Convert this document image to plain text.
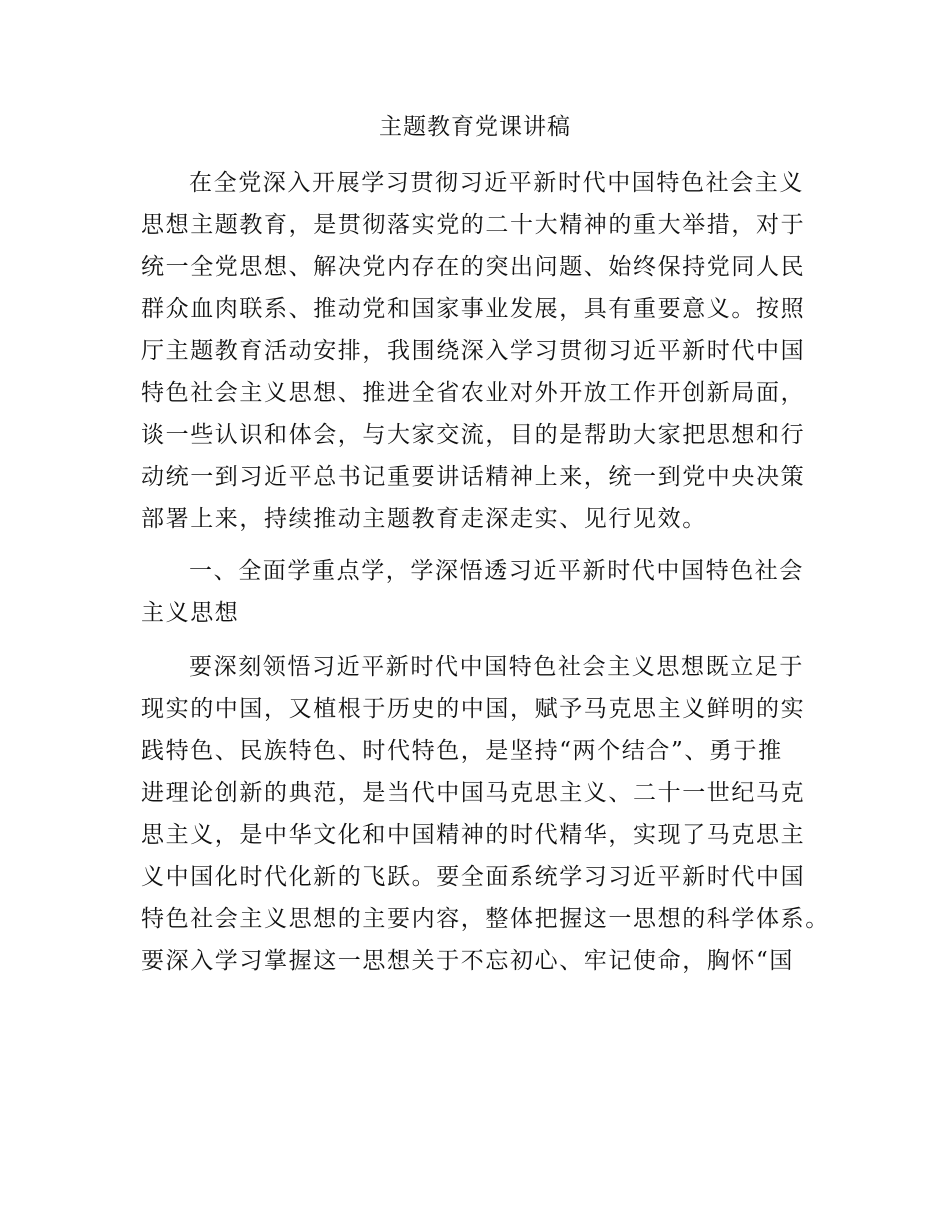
主题教育党课讲稿
在全党深入开展学习贯彻习近平新时代中国特色社会主义
思想主题教育，是贯彻落实党的二十大精神的重大举措，对于
统一全党思想、解决党内存在的突出问题、始终保持党同人民
群众血肉联系、推动党和国家事业发展，具有重要意义。按照
厅主题教育活动安排，我围绕深入学习贯彻习近平新时代中国
特色社会主义思想、推进全省农业对外开放工作开创新局面，
谈一些认识和体会，与大家交流，目的是帮助大家把思想和行
动统一到习近平总书记重要讲话精神上来，统一到党中央决策
部署上来，持续推动主题教育走深走实、见行见效。
一、全面学重点学，学深悟透习近平新时代中国特色社会
主义思想
要深刻领悟习近平新时代中国特色社会主义思想既立足于
现实的中国，又植根于历史的中国，赋予马克思主义鲜明的实
践特色、民族特色、时代特色，是坚持“两个结合”、勇于推
进理论创新的典范，是当代中国马克思主义、二十一世纪马克
思主义，是中华文化和中国精神的时代精华，实现了马克思主
义中国化时代化新的飞跃。要全面系统学习习近平新时代中国
特色社会主义思想的主要内容，整体把握这一思想的科学体系。
要深入学习掌握这一思想关于不忘初心、牢记使命，胸怀“国
